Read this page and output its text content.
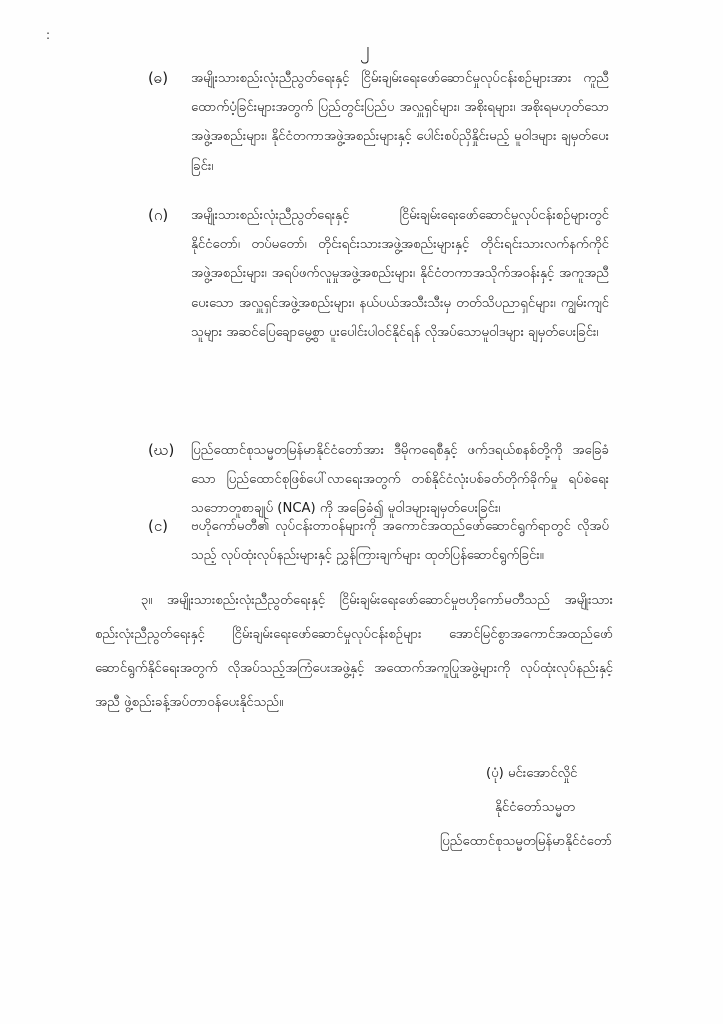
:
၂
(ဓ) အမျိုးသားစည်းလုံးညီညွတ်ရေးနှင့် ငြိမ်းချမ်းရေးဖော်ဆောင်မှုလုပ်ငန်းစဉ်များအား ကူညီထောက်ပံ့ခြင်းများအတွက် ပြည်တွင်းပြည်ပ အလှူရှင်များ၊ အစိုးရများ၊ အစိုးရမဟုတ်သော အဖွဲ့အစည်းများ၊ နိုင်ငံတကာအဖွဲ့အစည်းများနှင့် ပေါင်းစပ်ညှိနှိုင်းမည့် မူဝါဒများ ချမှတ်ပေးခြင်း၊
(ဂ) အမျိုးသားစည်းလုံးညီညွတ်ရေးနှင့် ငြိမ်းချမ်းရေးဖော်ဆောင်မှုလုပ်ငန်းစဉ်များတွင် နိုင်ငံတော်၊ တပ်မတော်၊ တိုင်းရင်းသားအဖွဲ့အစည်းများနှင့် တိုင်းရင်းသားလက်နက်ကိုင် အဖွဲ့အစည်းများ၊ အရပ်ဖက်လူမှုအဖွဲ့အစည်းများ၊ နိုင်ငံတကာအသိုက်အဝန်းနှင့် အကူအညီပေးသော အလှူရှင်အဖွဲ့အစည်းများ၊ နယ်ပယ်အသီးသီးမှ တတ်သိပညာရှင်များ၊ ကျွမ်းကျင်သူများ အဆင်ပြေချောမွေ့စွာ ပူးပေါင်းပါဝင်နိုင်ရန် လိုအပ်သောမူဝါဒများ ချမှတ်ပေးခြင်း၊
(ဃ) ပြည်ထောင်စုသမ္မတမြန်မာနိုင်ငံတော်အား ဒီမိုကရေစီနှင့် ဖက်ဒရယ်စနစ်တို့ကို အခြေခံသော ပြည်ထောင်စုဖြစ်ပေါ်လာရေးအတွက် တစ်နိုင်ငံလုံးပစ်ခတ်တိုက်ခိုက်မှု ရပ်စဲရေးသဘောတူစာချုပ် (NCA) ကို အခြေခံ၍ မူဝါဒများချမှတ်ပေးခြင်း၊
(င) ဗဟိုကော်မတီ၏ လုပ်ငန်းတာဝန်များကို အကောင်အထည်ဖော်ဆောင်ရွက်ရာတွင် လိုအပ်သည့် လုပ်ထုံးလုပ်နည်းများနှင့် ညွှန်ကြားချက်များ ထုတ်ပြန်ဆောင်ရွက်ခြင်း။
၃။ အမျိုးသားစည်းလုံးညီညွတ်ရေးနှင့် ငြိမ်းချမ်းရေးဖော်ဆောင်မှုဗဟိုကော်မတီသည် အမျိုးသား စည်းလုံးညီညွတ်ရေးနှင့် ငြိမ်းချမ်းရေးဖော်ဆောင်မှုလုပ်ငန်းစဉ်များ အောင်မြင်စွာအကောင်အထည်ဖော် ဆောင်ရွက်နိုင်ရေးအတွက် လိုအပ်သည့်အကြံပေးအဖွဲ့နှင့် အထောက်အကူပြုအဖွဲ့များကို လုပ်ထုံးလုပ်နည်းနှင့်အညီ ဖွဲ့စည်းခန့်အပ်တာဝန်ပေးနိုင်သည်။
(ပုံ) မင်းအောင်လှိုင်
နိုင်ငံတော်သမ္မတ
ပြည်ထောင်စုသမ္မတမြန်မာနိုင်ငံတော်
